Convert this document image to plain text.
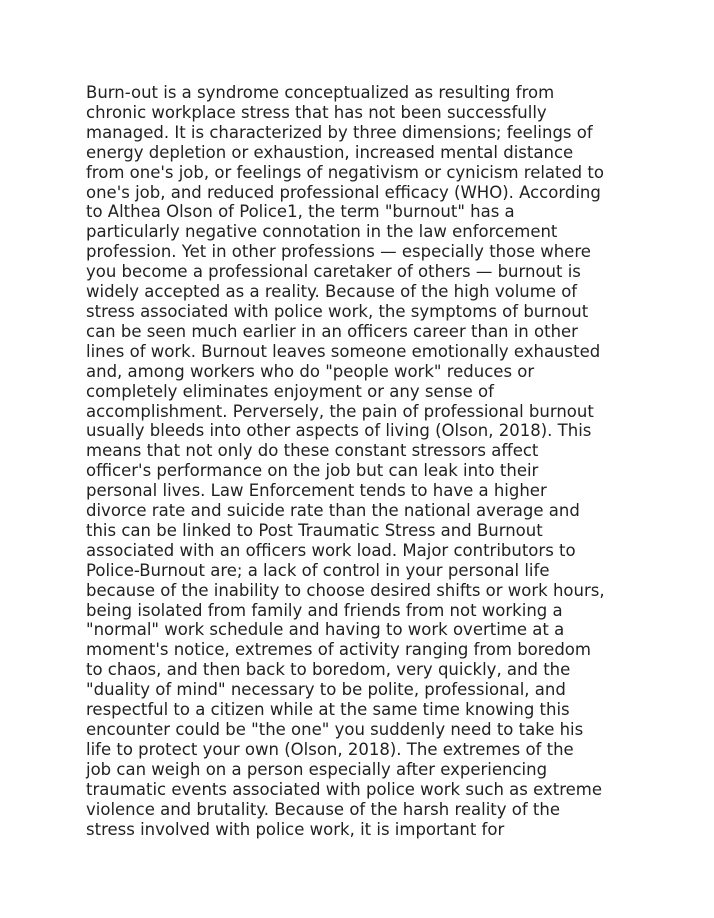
Burn-out is a syndrome conceptualized as resulting from
chronic workplace stress that has not been successfully
managed. It is characterized by three dimensions; feelings of
energy depletion or exhaustion, increased mental distance
from one's job, or feelings of negativism or cynicism related to
one's job, and reduced professional efficacy (WHO). According
to Althea Olson of Police1, the term "burnout" has a
particularly negative connotation in the law enforcement
profession. Yet in other professions — especially those where
you become a professional caretaker of others — burnout is
widely accepted as a reality. Because of the high volume of
stress associated with police work, the symptoms of burnout
can be seen much earlier in an officers career than in other
lines of work. Burnout leaves someone emotionally exhausted
and, among workers who do "people work" reduces or
completely eliminates enjoyment or any sense of
accomplishment. Perversely, the pain of professional burnout
usually bleeds into other aspects of living (Olson, 2018). This
means that not only do these constant stressors affect
officer's performance on the job but can leak into their
personal lives. Law Enforcement tends to have a higher
divorce rate and suicide rate than the national average and
this can be linked to Post Traumatic Stress and Burnout
associated with an officers work load. Major contributors to
Police-Burnout are; a lack of control in your personal life
because of the inability to choose desired shifts or work hours,
being isolated from family and friends from not working a
"normal" work schedule and having to work overtime at a
moment's notice, extremes of activity ranging from boredom
to chaos, and then back to boredom, very quickly, and the
"duality of mind" necessary to be polite, professional, and
respectful to a citizen while at the same time knowing this
encounter could be "the one" you suddenly need to take his
life to protect your own (Olson, 2018). The extremes of the
job can weigh on a person especially after experiencing
traumatic events associated with police work such as extreme
violence and brutality. Because of the harsh reality of the
stress involved with police work, it is important for
